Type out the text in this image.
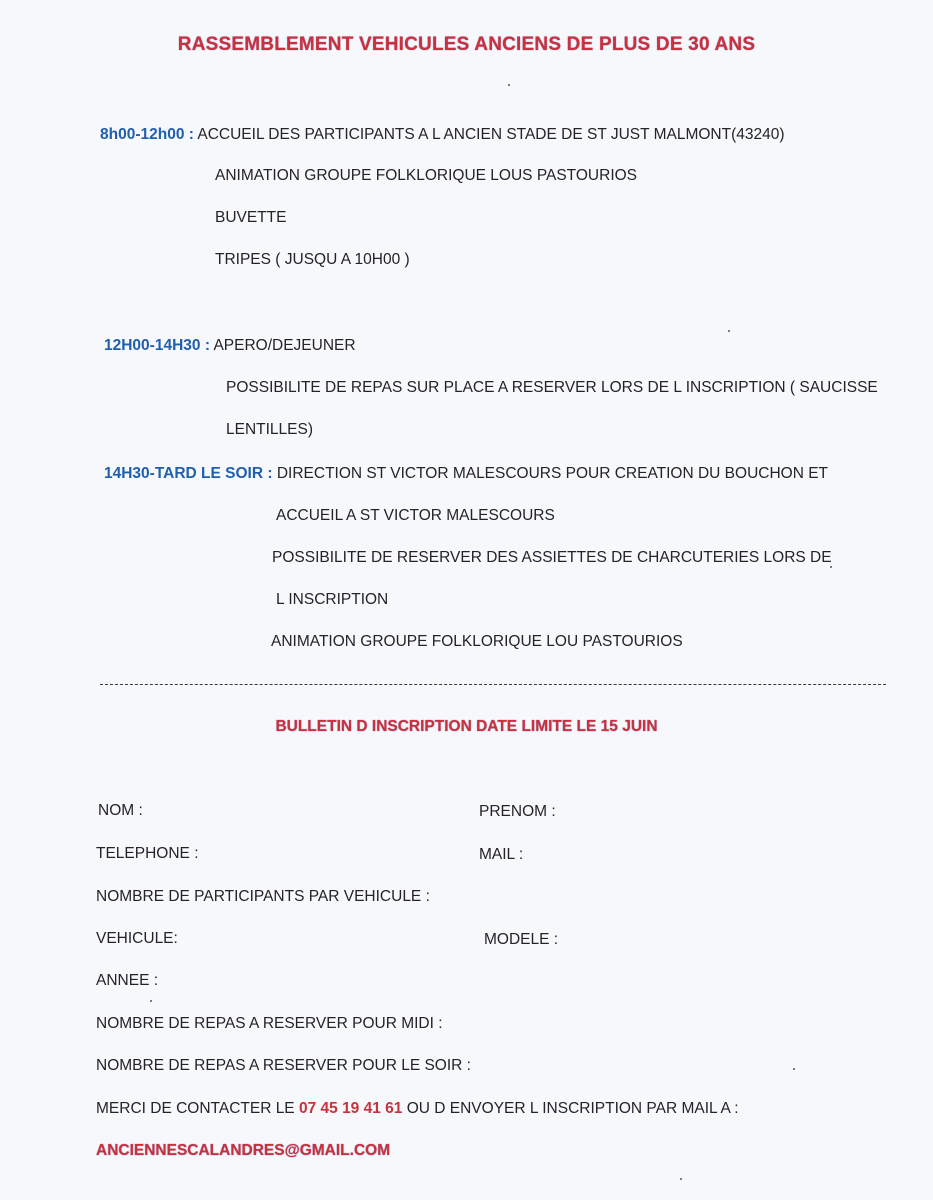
RASSEMBLEMENT VEHICULES ANCIENS DE PLUS DE 30 ANS
8h00-12h00 : ACCUEIL DES PARTICIPANTS A L ANCIEN STADE DE ST JUST MALMONT(43240)
ANIMATION GROUPE FOLKLORIQUE LOUS PASTOURIOS
BUVETTE
TRIPES ( JUSQU A 10H00 )
12H00-14H30 : APERO/DEJEUNER
POSSIBILITE DE REPAS SUR PLACE A RESERVER LORS DE L INSCRIPTION ( SAUCISSE
LENTILLES)
14H30-TARD LE SOIR : DIRECTION ST VICTOR MALESCOURS POUR CREATION DU BOUCHON ET
ACCUEIL A ST VICTOR MALESCOURS
POSSIBILITE DE RESERVER DES ASSIETTES DE CHARCUTERIES LORS DE
L INSCRIPTION
ANIMATION GROUPE FOLKLORIQUE LOU PASTOURIOS
BULLETIN D INSCRIPTION DATE LIMITE LE 15 JUIN
NOM :	PRENOM :
TELEPHONE :	MAIL :
NOMBRE DE PARTICIPANTS PAR VEHICULE :
VEHICULE:	MODELE :
ANNEE :
NOMBRE DE REPAS A RESERVER POUR MIDI :
NOMBRE DE REPAS A RESERVER POUR LE SOIR :
MERCI DE CONTACTER LE 07 45 19 41 61 OU D ENVOYER L INSCRIPTION PAR MAIL A :
ANCIENNESCALANDRES@GMAIL.COM
